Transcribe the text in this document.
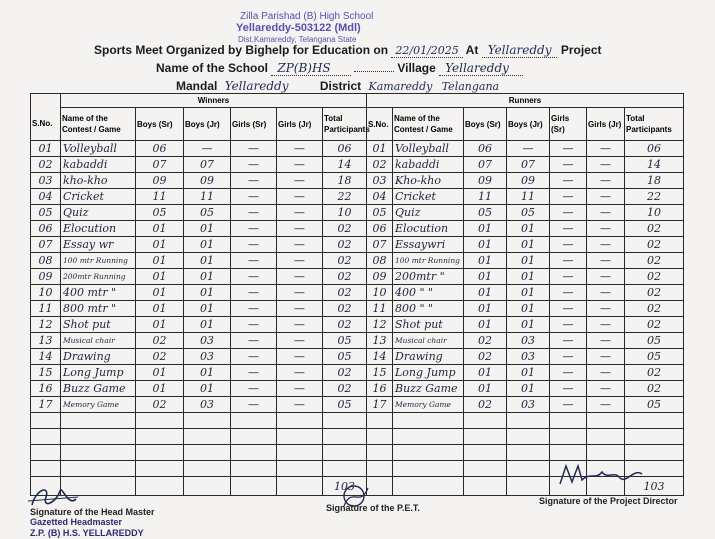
Zilla Parishad (B) High School
Yellareddy-503122 (Mdl)
Dist.Kamareddy, Telangana State
Sports Meet Organized by Bighelp for Education on 22/01/2025 At Yellareddy Project
Name of the School ZP(B)HS	Village Yellareddy
Mandal Yellareddy	District Kamareddy Telangana
	Winners						Runners						
S.No.	Name of the Contest / Game	Boys (Sr)	Boys (Jr)	Girls (Sr)	Girls (Jr)	Total Participants	S.No.	Name of the Contest / Game	Boys (Sr)	Boys (Jr)	Girls (Sr)	Girls (Jr)	Total Participants
01	Volleyball	06	—	—	—	06	01	Volleyball	06	—	—	—	06
02	kabaddi	07	07	—	—	14	02	kabaddi	07	07	—	—	14
03	kho-kho	09	09	—	—	18	03	Kho-kho	09	09	—	—	18
04	Cricket	11	11	—	—	22	04	Cricket	11	11	—	—	22
05	Quiz	05	05	—	—	10	05	Quiz	05	05	—	—	10
06	Elocution	01	01	—	—	02	06	Elocution	01	01	—	—	02
07	Essay wr	01	01	—	—	02	07	Essaywri	01	01	—	—	02
08	100 mtr Running	01	01	—	—	02	08	100 mtr Running	01	01	—	—	02
09	200mtr Running	01	01	—	—	02	09	200mtr "	01	01	—	—	02
10	400 mtr "	01	01	—	—	02	10	400 " "	01	01	—	—	02
11	800 mtr "	01	01	—	—	02	11	800 " "	01	01	—	—	02
12	Shot put	01	01	—	—	02	12	Shot put	01	01	—	—	02
13	Musical chair	02	03	—	—	05	13	Musical chair	02	03	—	—	05
14	Drawing	02	03	—	—	05	14	Drawing	02	03	—	—	05
15	Long Jump	01	01	—	—	02	15	Long Jump	01	01	—	—	02
16	Buzz Game	01	01	—	—	02	16	Buzz Game	01	01	—	—	02
17	Memory Game	02	03	—	—	05	17	Memory Game	02	03	—	—	05

						103							103
Signature of the Head Master
Gazetted Headmaster
Z.P. (B) H.S. YELLAREDDY
Signature of the P.E.T.
Signature of the Project Director
